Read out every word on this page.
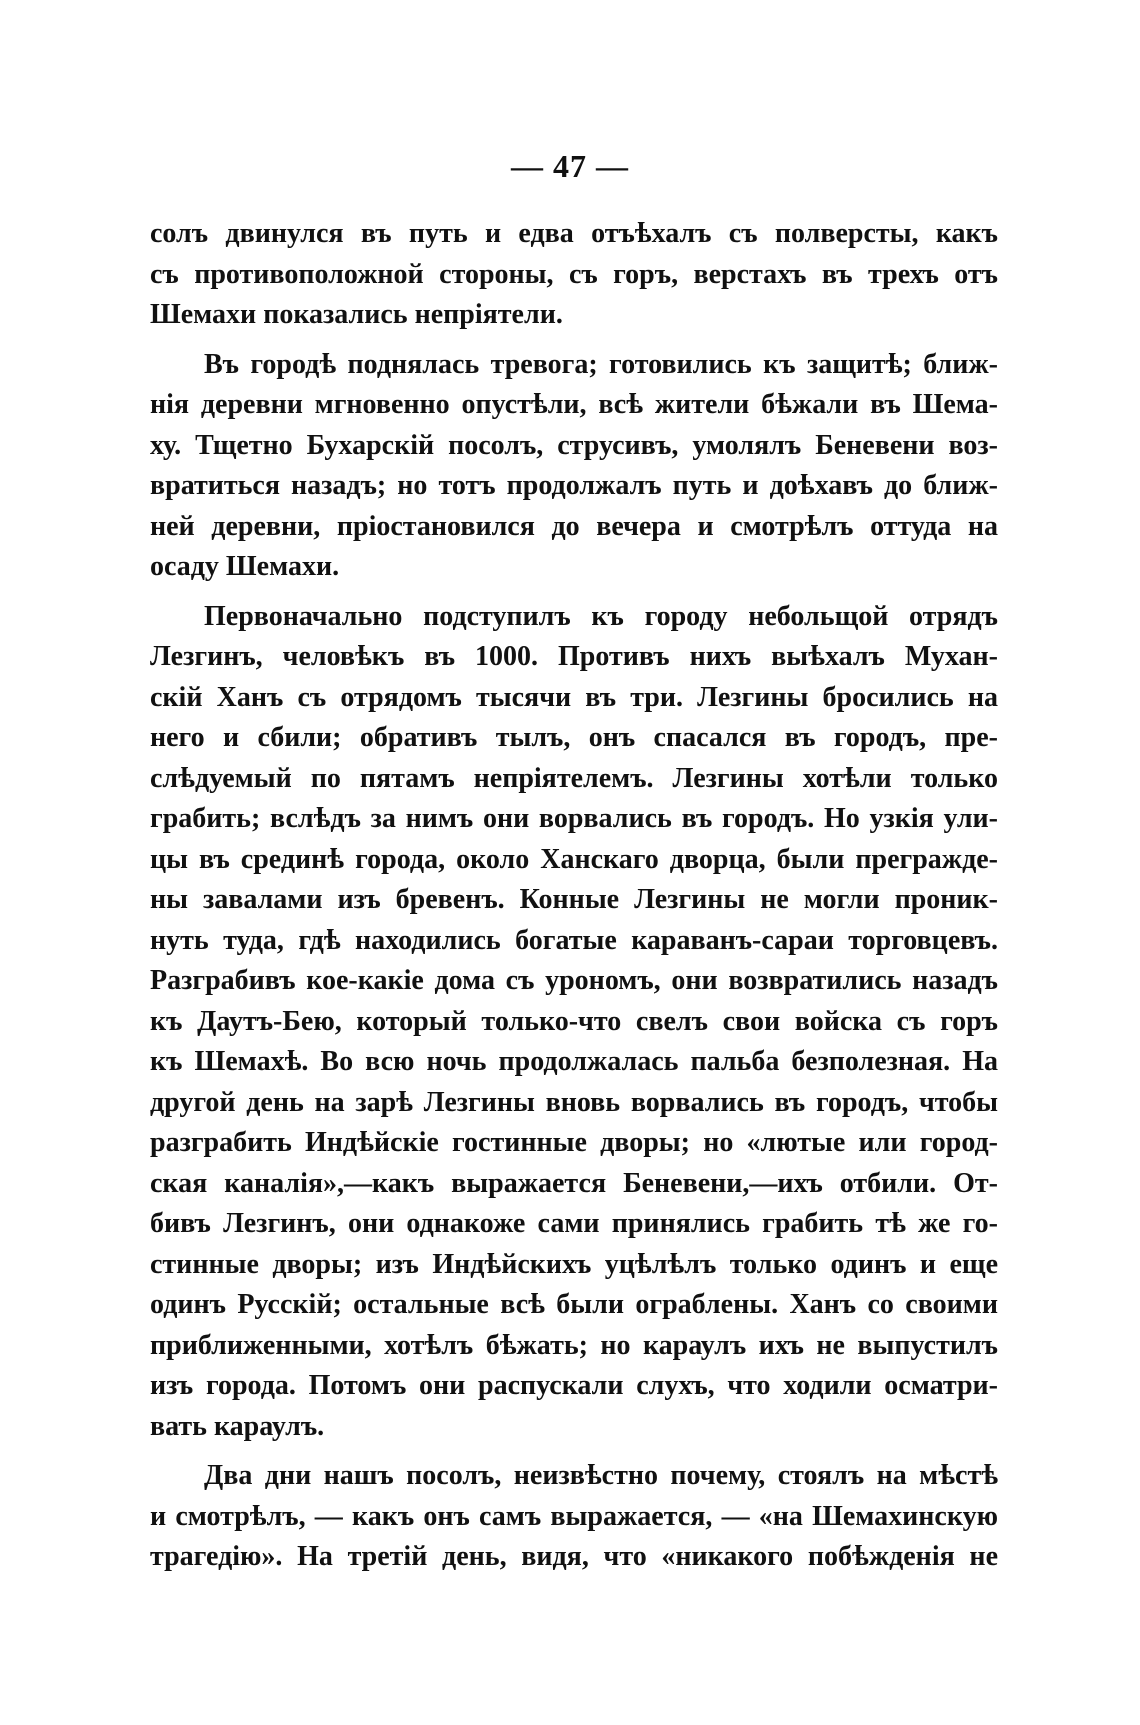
— 47 —
солъ двинулся въ путь и едва отъѣхалъ съ полверсты, какъ
съ противоположной стороны, съ горъ, верстахъ въ трехъ отъ
Шемахи показались непріятели.
Въ городѣ поднялась тревога; готовились къ защитѣ; ближ-
нія деревни мгновенно опустѣли, всѣ жители бѣжали въ Шема-
ху. Тщетно Бухарскій посолъ, струсивъ, умолялъ Беневени воз-
вратиться назадъ; но тотъ продолжалъ путь и доѣхавъ до ближ-
ней деревни, пріостановился до вечера и смотрѣлъ оттуда на
осаду Шемахи.
Первоначально подступилъ къ городу небольщой отрядъ
Лезгинъ, человѣкъ въ 1000. Противъ нихъ выѣхалъ Мухан-
скій Ханъ съ отрядомъ тысячи въ три. Лезгины бросились на
него и сбили; обративъ тылъ, онъ спасался въ городъ, пре-
слѣдуемый по пятамъ непріятелемъ. Лезгины хотѣли только
грабить; вслѣдъ за нимъ они ворвались въ городъ. Но узкія ули-
цы въ срединѣ города, около Ханскаго дворца, были прегражде-
ны завалами изъ бревенъ. Конные Лезгины не могли проник-
нуть туда, гдѣ находились богатые караванъ-сараи торговцевъ.
Разграбивъ кое-какіе дома съ урономъ, они возвратились назадъ
къ Даутъ-Бею, который только-что свелъ свои войска съ горъ
къ Шемахѣ. Во всю ночь продолжалась пальба безполезная. На
другой день на зарѣ Лезгины вновь ворвались въ городъ, чтобы
разграбить Индѣйскіе гостинные дворы; но «лютые или город-
ская каналія»,—какъ выражается Беневени,—ихъ отбили. От-
бивъ Лезгинъ, они однакоже сами принялись грабить тѣ же го-
стинные дворы; изъ Индѣйскихъ уцѣлѣлъ только одинъ и еще
одинъ Русскій; остальные всѣ были ограблены. Ханъ со своими
приближенными, хотѣлъ бѣжать; но караулъ ихъ не выпустилъ
изъ города. Потомъ они распускали слухъ, что ходили осматри-
вать караулъ.
Два дни нашъ посолъ, неизвѣстно почему, стоялъ на мѣстѣ
и смотрѣлъ, — какъ онъ самъ выражается, — «на Шемахинскую
трагедію». На третій день, видя, что «никакого побѣжденія не
